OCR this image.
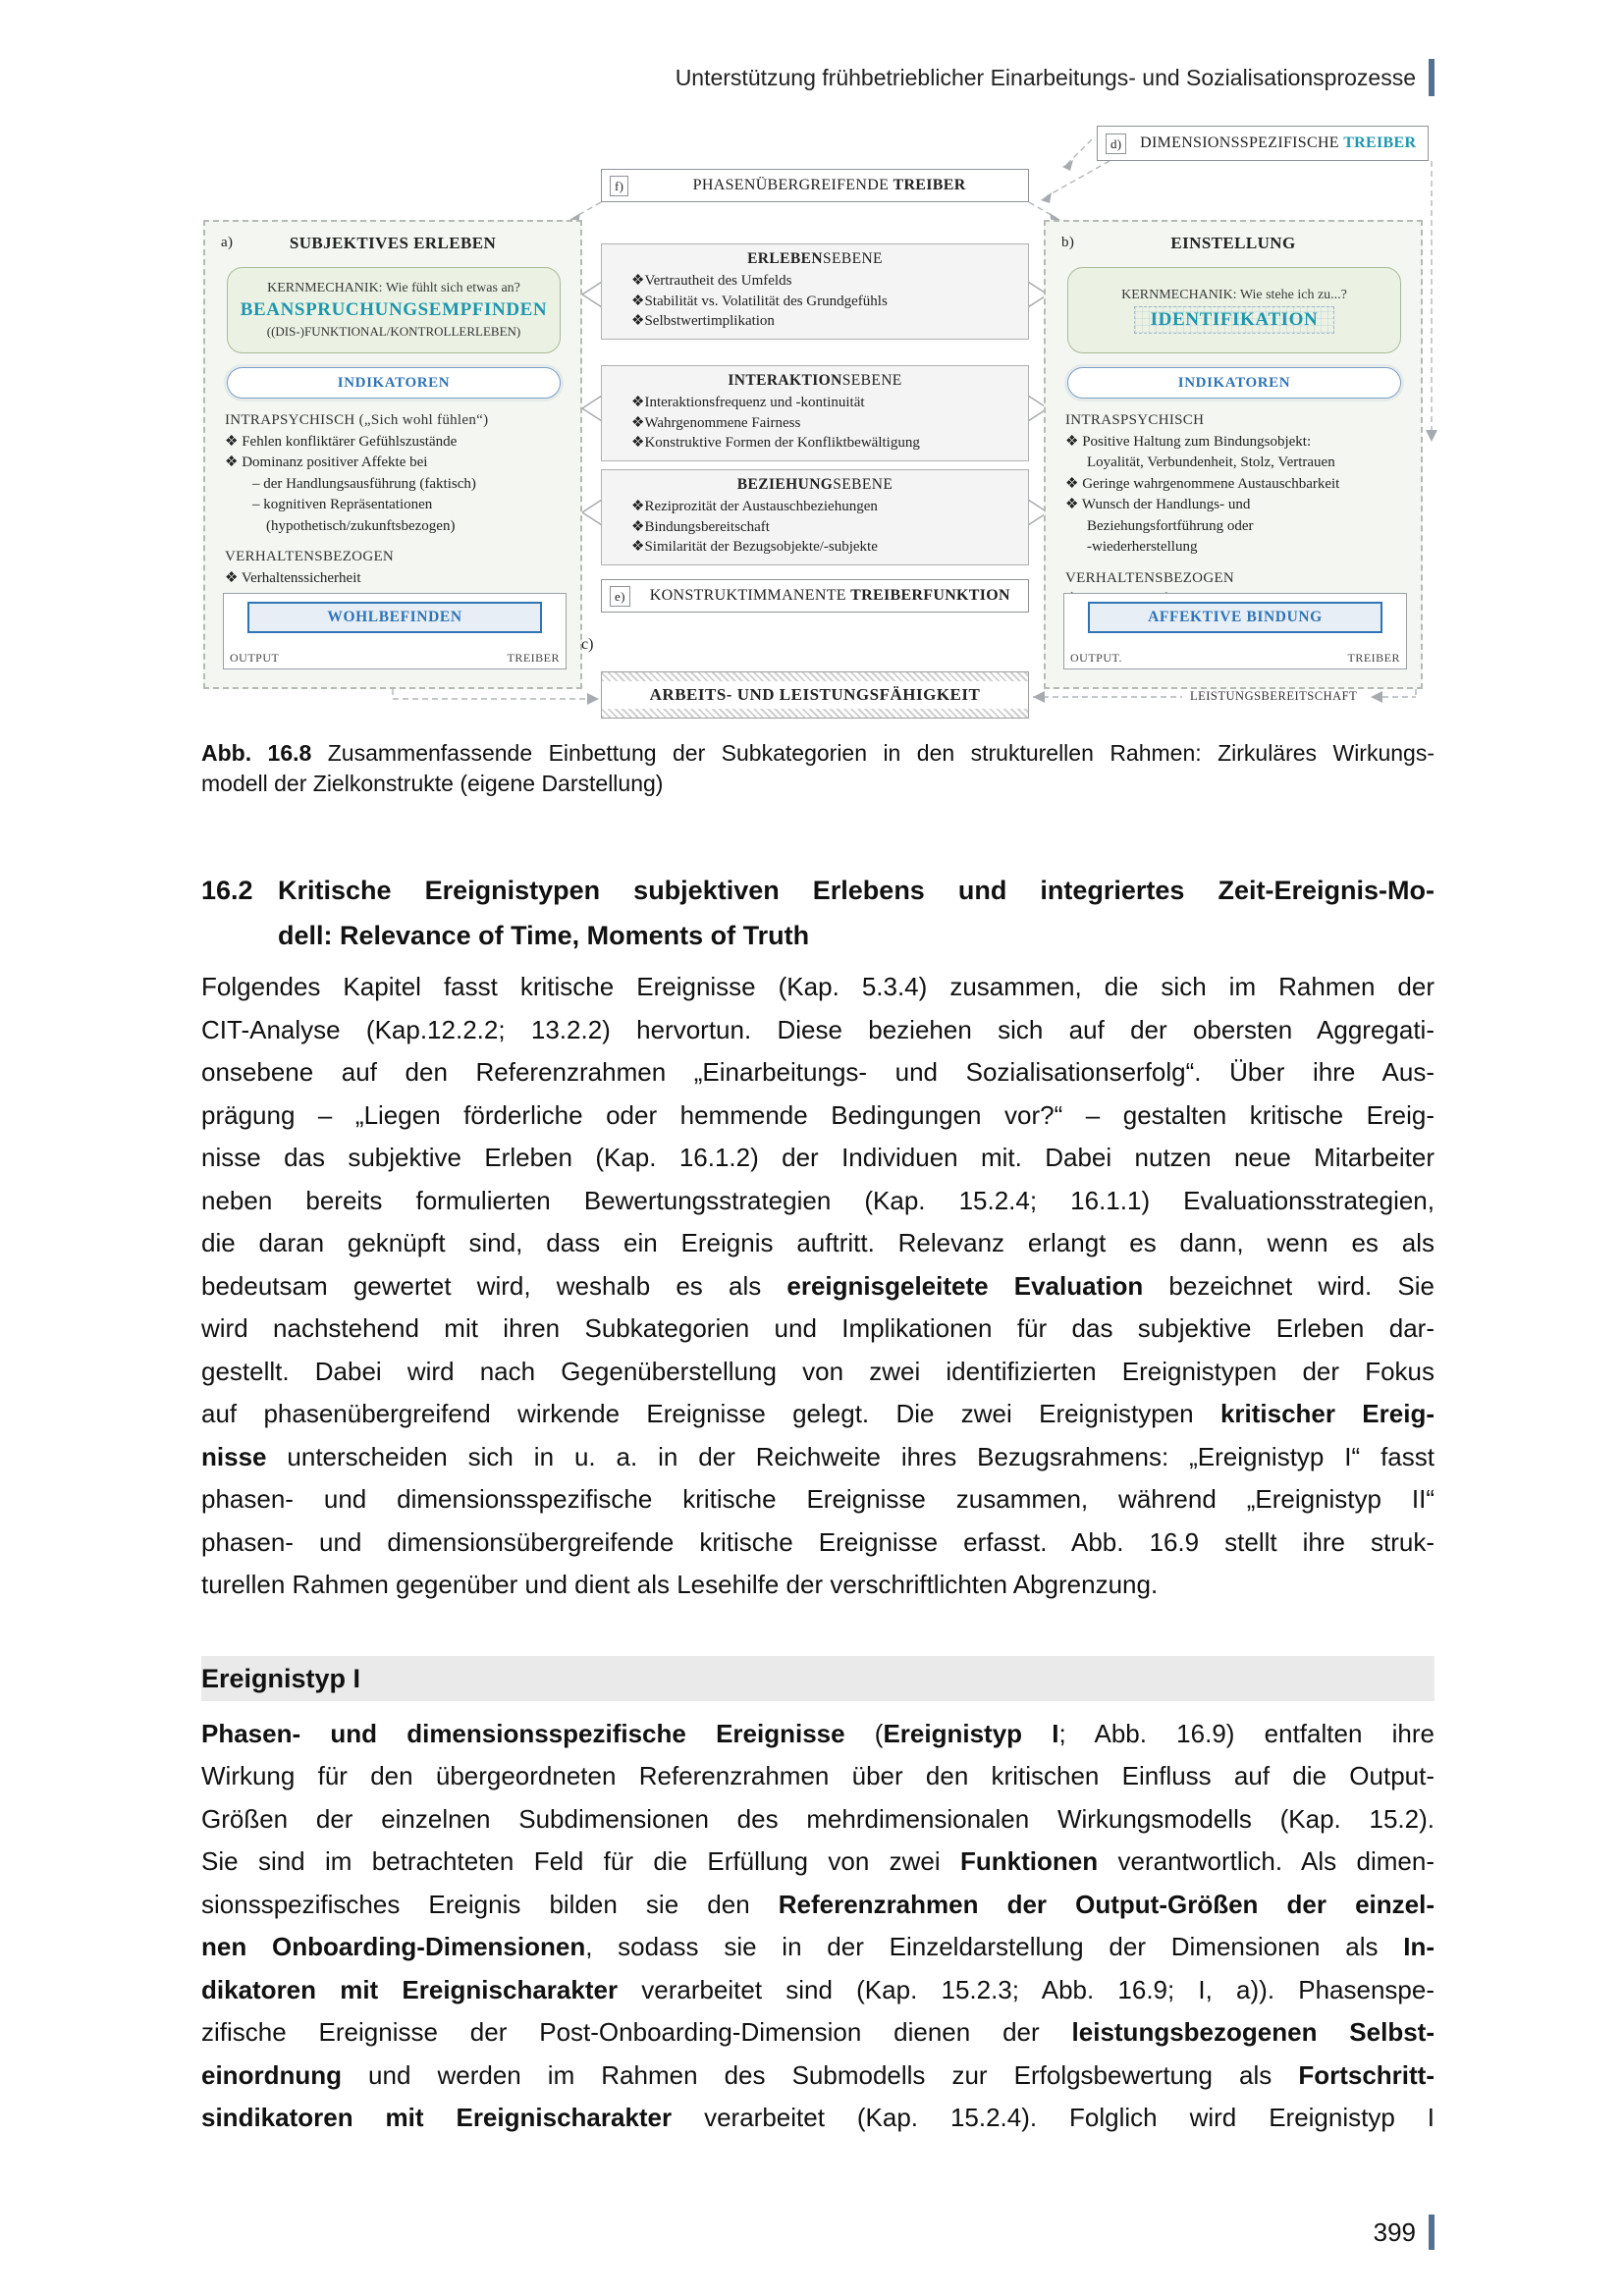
Unterstützung frühbetrieblicher Einarbeitungs- und Sozialisationsprozesse
d)	DIMENSIONSSPEZIFISCHE TREIBER
f)	PHASENÜBERGREIFENDE TREIBER
a)	SUBJEKTIVES ERLEBEN
KERNMECHANIK: Wie fühlt sich etwas an?
BEANSPRUCHUNGSEMPFINDEN
((DIS-)FUNKTIONAL/KONTROLLERLEBEN)
INDIKATOREN
INTRAPSYCHISCH („Sich wohl fühlen“)
❖ Fehlen konfliktärer Gefühlszustände
❖ Dominanz positiver Affekte bei
– der Handlungsausführung (faktisch)
– kognitiven Repräsentationen
(hypothetisch/zukunftsbezogen)
VERHALTENSBEZOGEN
❖ Verhaltenssicherheit
WOHLBEFINDEN
OUTPUT	TREIBER
ERLEBENSEBENE
❖Vertrautheit des Umfelds
❖Stabilität vs. Volatilität des Grundgefühls
❖Selbstwertimplikation
INTERAKTIONSEBENE
❖Interaktionsfrequenz und -kontinuität
❖Wahrgenommene Fairness
❖Konstruktive Formen der Konfliktbewältigung
BEZIEHUNGSEBENE
❖Reziprozität der Austauschbeziehungen
❖Bindungsbereitschaft
❖Similarität der Bezugsobjekte/-subjekte
e)	KONSTRUKTIMMANENTE TREIBERFUNKTION
b)	EINSTELLUNG
KERNMECHANIK: Wie stehe ich zu...?
IDENTIFIKATION
INDIKATOREN
INTRASPSYCHISCH
❖ Positive Haltung zum Bindungsobjekt:
Loyalität, Verbundenheit, Stolz, Vertrauen
❖ Geringe wahrgenommene Austauschbarkeit
❖ Wunsch der Handlungs- und
Beziehungsfortführung oder
-wiederherstellung
VERHALTENSBEZOGEN
AFFEKTIVE BINDUNG
OUTPUT.	TREIBER
c)
ARBEITS- UND LEISTUNGSFÄHIGKEIT	LEISTUNGSBEREITSCHAFT
Abb. 16.8 Zusammenfassende Einbettung der Subkategorien in den strukturellen Rahmen: Zirkuläres Wirkungs-
modell der Zielkonstrukte (eigene Darstellung)
16.2 Kritische Ereignistypen subjektiven Erlebens und integriertes Zeit-Ereignis-Mo-
dell: Relevance of Time, Moments of Truth
Folgendes Kapitel fasst kritische Ereignisse (Kap. 5.3.4) zusammen, die sich im Rahmen der
CIT-Analyse (Kap.12.2.2; 13.2.2) hervortun. Diese beziehen sich auf der obersten Aggregati-
onsebene auf den Referenzrahmen „Einarbeitungs- und Sozialisationserfolg“. Über ihre Aus-
prägung – „Liegen förderliche oder hemmende Bedingungen vor?“ – gestalten kritische Ereig-
nisse das subjektive Erleben (Kap. 16.1.2) der Individuen mit. Dabei nutzen neue Mitarbeiter
neben bereits formulierten Bewertungsstrategien (Kap. 15.2.4; 16.1.1) Evaluationsstrategien,
die daran geknüpft sind, dass ein Ereignis auftritt. Relevanz erlangt es dann, wenn es als
bedeutsam gewertet wird, weshalb es als ereignisgeleitete Evaluation bezeichnet wird. Sie
wird nachstehend mit ihren Subkategorien und Implikationen für das subjektive Erleben dar-
gestellt. Dabei wird nach Gegenüberstellung von zwei identifizierten Ereignistypen der Fokus
auf phasenübergreifend wirkende Ereignisse gelegt. Die zwei Ereignistypen kritischer Ereig-
nisse unterscheiden sich in u. a. in der Reichweite ihres Bezugsrahmens: „Ereignistyp I“ fasst
phasen- und dimensionsspezifische kritische Ereignisse zusammen, während „Ereignistyp II“
phasen- und dimensionsübergreifende kritische Ereignisse erfasst. Abb. 16.9 stellt ihre struk-
turellen Rahmen gegenüber und dient als Lesehilfe der verschriftlichten Abgrenzung.
Ereignistyp I
Phasen- und dimensionsspezifische Ereignisse (Ereignistyp I; Abb. 16.9) entfalten ihre
Wirkung für den übergeordneten Referenzrahmen über den kritischen Einfluss auf die Output-
Größen der einzelnen Subdimensionen des mehrdimensionalen Wirkungsmodells (Kap. 15.2).
Sie sind im betrachteten Feld für die Erfüllung von zwei Funktionen verantwortlich. Als dimen-
sionsspezifisches Ereignis bilden sie den Referenzrahmen der Output-Größen der einzel-
nen Onboarding-Dimensionen, sodass sie in der Einzeldarstellung der Dimensionen als In-
dikatoren mit Ereignischarakter verarbeitet sind (Kap. 15.2.3; Abb. 16.9; I, a)). Phasenspe-
zifische Ereignisse der Post-Onboarding-Dimension dienen der leistungsbezogenen Selbst-
einordnung und werden im Rahmen des Submodells zur Erfolgsbewertung als Fortschritt-
sindikatoren mit Ereignischarakter verarbeitet (Kap. 15.2.4). Folglich wird Ereignistyp I
399
